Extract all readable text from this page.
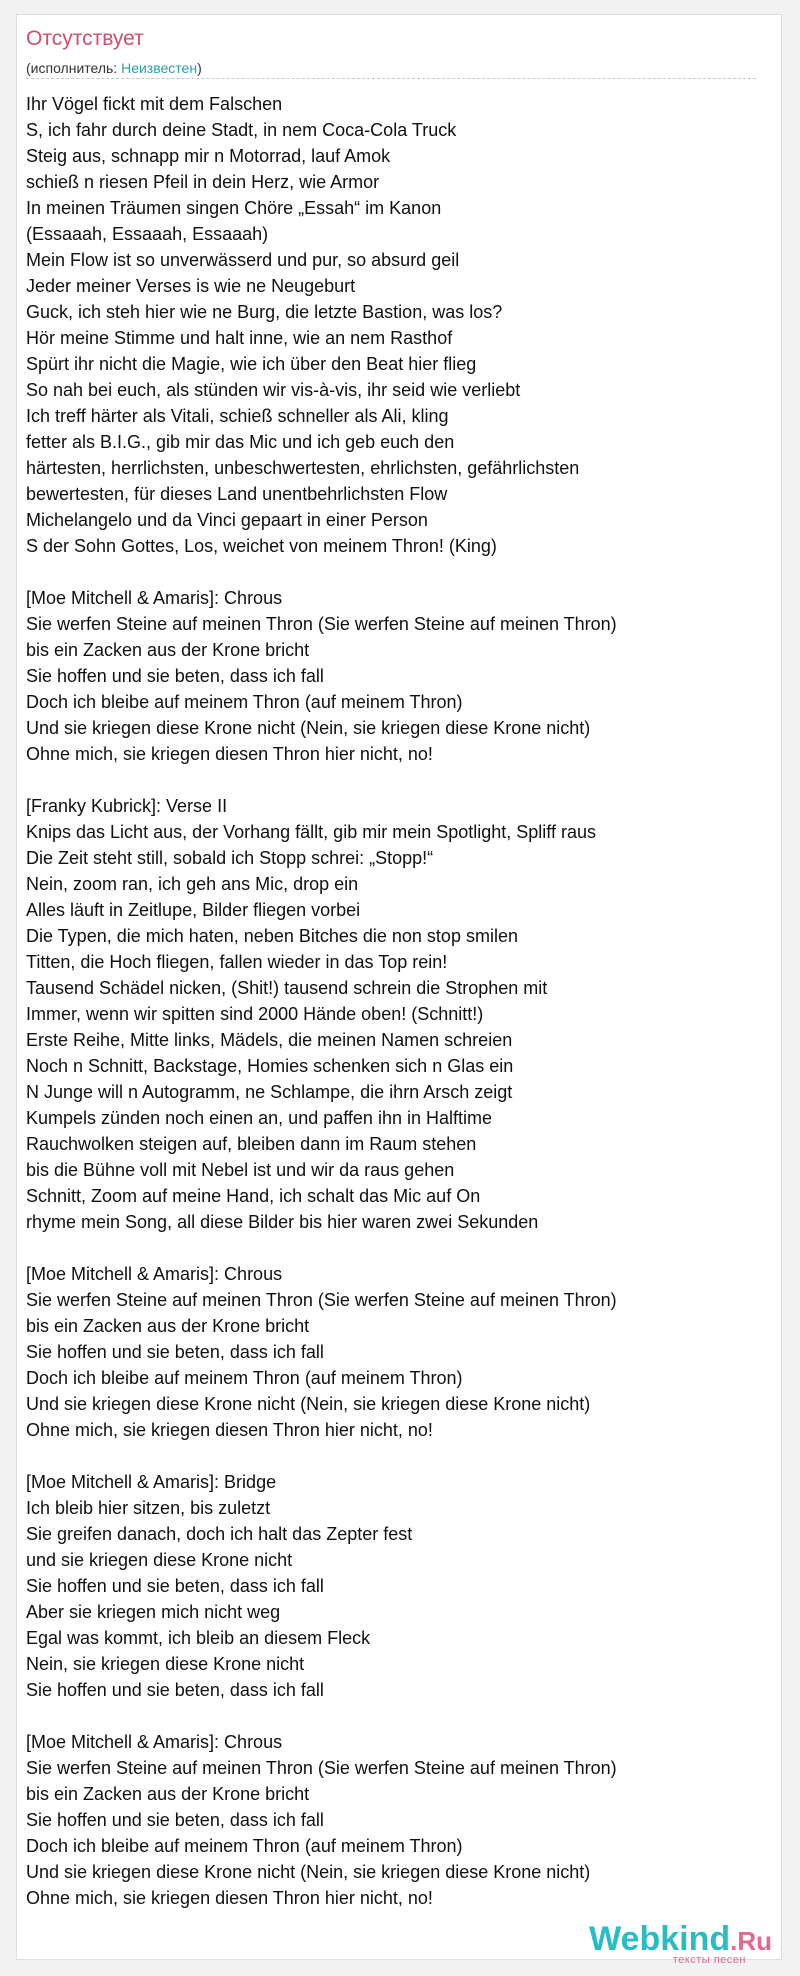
Отсутствует
(исполнитель: Неизвестен)
Ihr Vögel fickt mit dem Falschen
S, ich fahr durch deine Stadt, in nem Coca-Cola Truck
Steig aus, schnapp mir n Motorrad, lauf Amok
schieß n riesen Pfeil in dein Herz, wie Armor
In meinen Träumen singen Chöre „Essah“ im Kanon
(Essaaah, Essaaah, Essaaah)
Mein Flow ist so unverwässerd und pur, so absurd geil
Jeder meiner Verses is wie ne Neugeburt
Guck, ich steh hier wie ne Burg, die letzte Bastion, was los?
Hör meine Stimme und halt inne, wie an nem Rasthof
Spürt ihr nicht die Magie, wie ich über den Beat hier flieg
So nah bei euch, als stünden wir vis-à-vis, ihr seid wie verliebt
Ich treff härter als Vitali, schieß schneller als Ali, kling
fetter als B.I.G., gib mir das Mic und ich geb euch den
härtesten, herrlichsten, unbeschwertesten, ehrlichsten, gefährlichsten
bewertesten, für dieses Land unentbehrlichsten Flow
Michelangelo und da Vinci gepaart in einer Person
S der Sohn Gottes, Los, weichet von meinem Thron! (King)
[Moe Mitchell & Amaris]: Chrous
Sie werfen Steine auf meinen Thron (Sie werfen Steine auf meinen Thron)
bis ein Zacken aus der Krone bricht
Sie hoffen und sie beten, dass ich fall
Doch ich bleibe auf meinem Thron (auf meinem Thron)
Und sie kriegen diese Krone nicht (Nein, sie kriegen diese Krone nicht)
Ohne mich, sie kriegen diesen Thron hier nicht, no!
[Franky Kubrick]: Verse II
Knips das Licht aus, der Vorhang fällt, gib mir mein Spotlight, Spliff raus
Die Zeit steht still, sobald ich Stopp schrei: „Stopp!“
Nein, zoom ran, ich geh ans Mic, drop ein
Alles läuft in Zeitlupe, Bilder fliegen vorbei
Die Typen, die mich haten, neben Bitches die non stop smilen
Titten, die Hoch fliegen, fallen wieder in das Top rein!
Tausend Schädel nicken, (Shit!) tausend schrein die Strophen mit
Immer, wenn wir spitten sind 2000 Hände oben! (Schnitt!)
Erste Reihe, Mitte links, Mädels, die meinen Namen schreien
Noch n Schnitt, Backstage, Homies schenken sich n Glas ein
N Junge will n Autogramm, ne Schlampe, die ihrn Arsch zeigt
Kumpels zünden noch einen an, und paffen ihn in Halftime
Rauchwolken steigen auf, bleiben dann im Raum stehen
bis die Bühne voll mit Nebel ist und wir da raus gehen
Schnitt, Zoom auf meine Hand, ich schalt das Mic auf On
rhyme mein Song, all diese Bilder bis hier waren zwei Sekunden
[Moe Mitchell & Amaris]: Chrous
Sie werfen Steine auf meinen Thron (Sie werfen Steine auf meinen Thron)
bis ein Zacken aus der Krone bricht
Sie hoffen und sie beten, dass ich fall
Doch ich bleibe auf meinem Thron (auf meinem Thron)
Und sie kriegen diese Krone nicht (Nein, sie kriegen diese Krone nicht)
Ohne mich, sie kriegen diesen Thron hier nicht, no!
[Moe Mitchell & Amaris]: Bridge
Ich bleib hier sitzen, bis zuletzt
Sie greifen danach, doch ich halt das Zepter fest
und sie kriegen diese Krone nicht
Sie hoffen und sie beten, dass ich fall
Aber sie kriegen mich nicht weg
Egal was kommt, ich bleib an diesem Fleck
Nein, sie kriegen diese Krone nicht
Sie hoffen und sie beten, dass ich fall
[Moe Mitchell & Amaris]: Chrous
Sie werfen Steine auf meinen Thron (Sie werfen Steine auf meinen Thron)
bis ein Zacken aus der Krone bricht
Sie hoffen und sie beten, dass ich fall
Doch ich bleibe auf meinem Thron (auf meinem Thron)
Und sie kriegen diese Krone nicht (Nein, sie kriegen diese Krone nicht)
Ohne mich, sie kriegen diesen Thron hier nicht, no!
Webkind.Ru
тексты песен
